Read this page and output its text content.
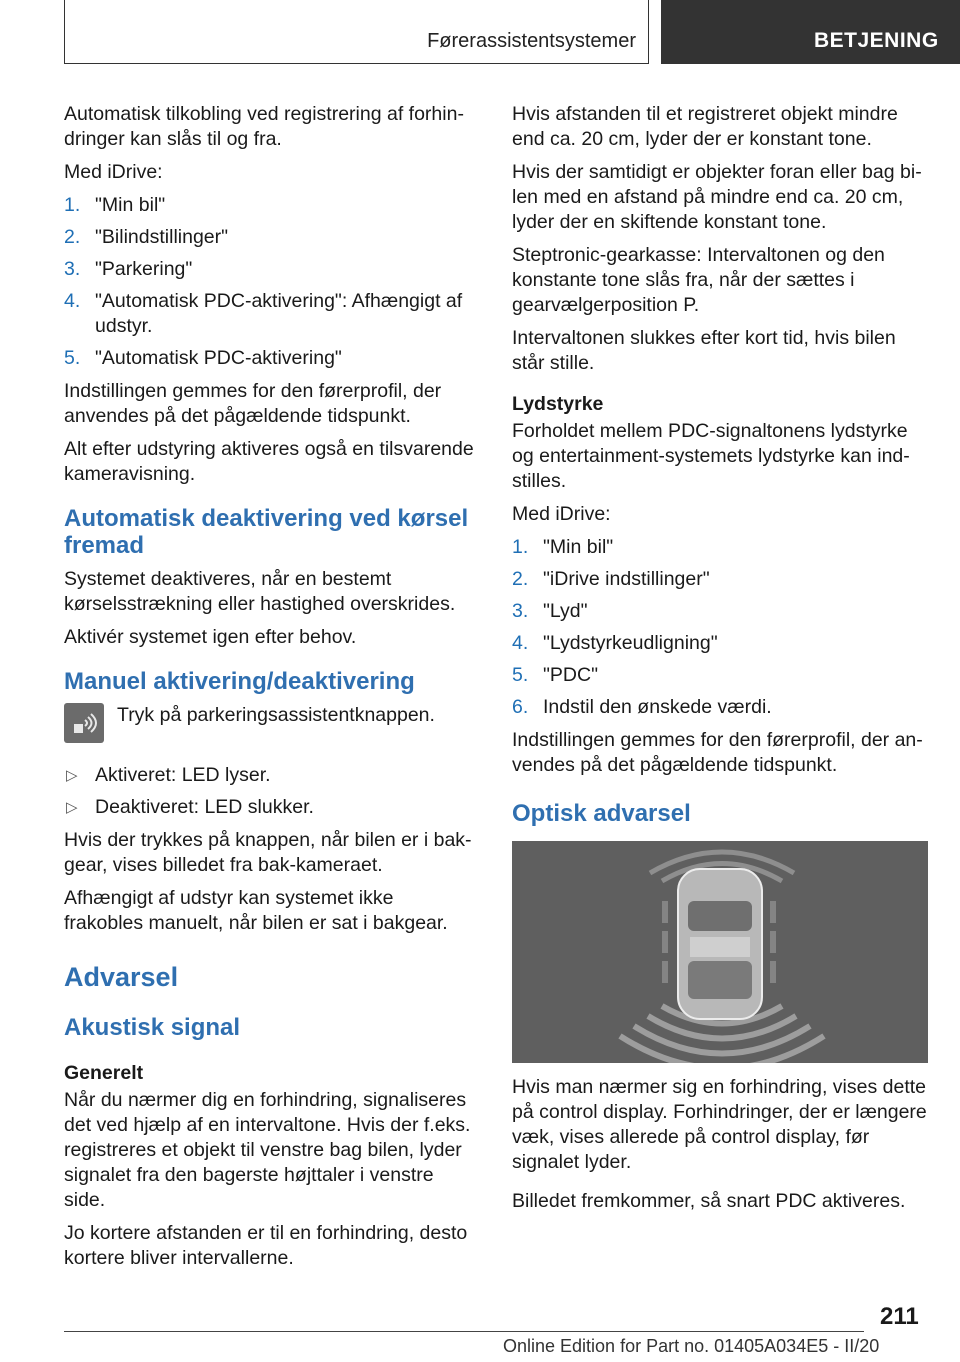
Førerassistentsystemer	BETJENING

Automatisk tilkobling ved registrering af forhindringer kan slås til og fra.

Med iDrive:

1. "Min bil"
2. "Bilindstillinger"
3. "Parkering"
4. "Automatisk PDC-aktivering": Afhængigt af udstyr.
5. "Automatisk PDC-aktivering"

Indstillingen gemmes for den førerprofil, der anvendes på det pågældende tidspunkt.

Alt efter udstyring aktiveres også en tilsvarende kameravisning.

Automatisk deaktivering ved kørsel fremad

Systemet deaktiveres, når en bestemt kørselsstrækning eller hastighed overskrides.

Aktivér systemet igen efter behov.

Manuel aktivering/deaktivering
Tryk på parkeringsassistentknappen.
▷ Aktiveret: LED lyser.
▷ Deaktiveret: LED slukker.

Hvis der trykkes på knappen, når bilen er i bakgear, vises billedet fra bak-kameraet.

Afhængigt af udstyr kan systemet ikke frakobles manuelt, når bilen er sat i bakgear.

Advarsel
Akustisk signal
Generelt

Når du nærmer dig en forhindring, signaliseres det ved hjælp af en intervaltone. Hvis der f.eks. registreres et objekt til venstre bag bilen, lyder signalet fra den bagerste højttaler i venstre side.

Jo kortere afstanden er til en forhindring, desto kortere bliver intervallerne.

Hvis afstanden til et registreret objekt mindre end ca. 20 cm, lyder der er konstant tone.

Hvis der samtidigt er objekter foran eller bag bilen med en afstand på mindre end ca. 20 cm, lyder der en skiftende konstant tone.

Steptronic-gearkasse: Intervaltonen og den konstante tone slås fra, når der sættes i gearvælgerposition P.

Intervaltonen slukkes efter kort tid, hvis bilen står stille.

Lydstyrke

Forholdet mellem PDC-signaltonens lydstyrke og entertainment-systemets lydstyrke kan indstilles.

Med iDrive:

1. "Min bil"
2. "iDrive indstillinger"
3. "Lyd"
4. "Lydstyrkeudligning"
5. "PDC"
6. Indstil den ønskede værdi.

Indstillingen gemmes for den førerprofil, der anvendes på det pågældende tidspunkt.

Optisk advarsel

Hvis man nærmer sig en forhindring, vises dette på control display. Forhindringer, der er længere væk, vises allerede på control display, før signalet lyder.

Billedet fremkommer, så snart PDC aktiveres.

211
Online Edition for Part no. 01405A034E5 - II/20
